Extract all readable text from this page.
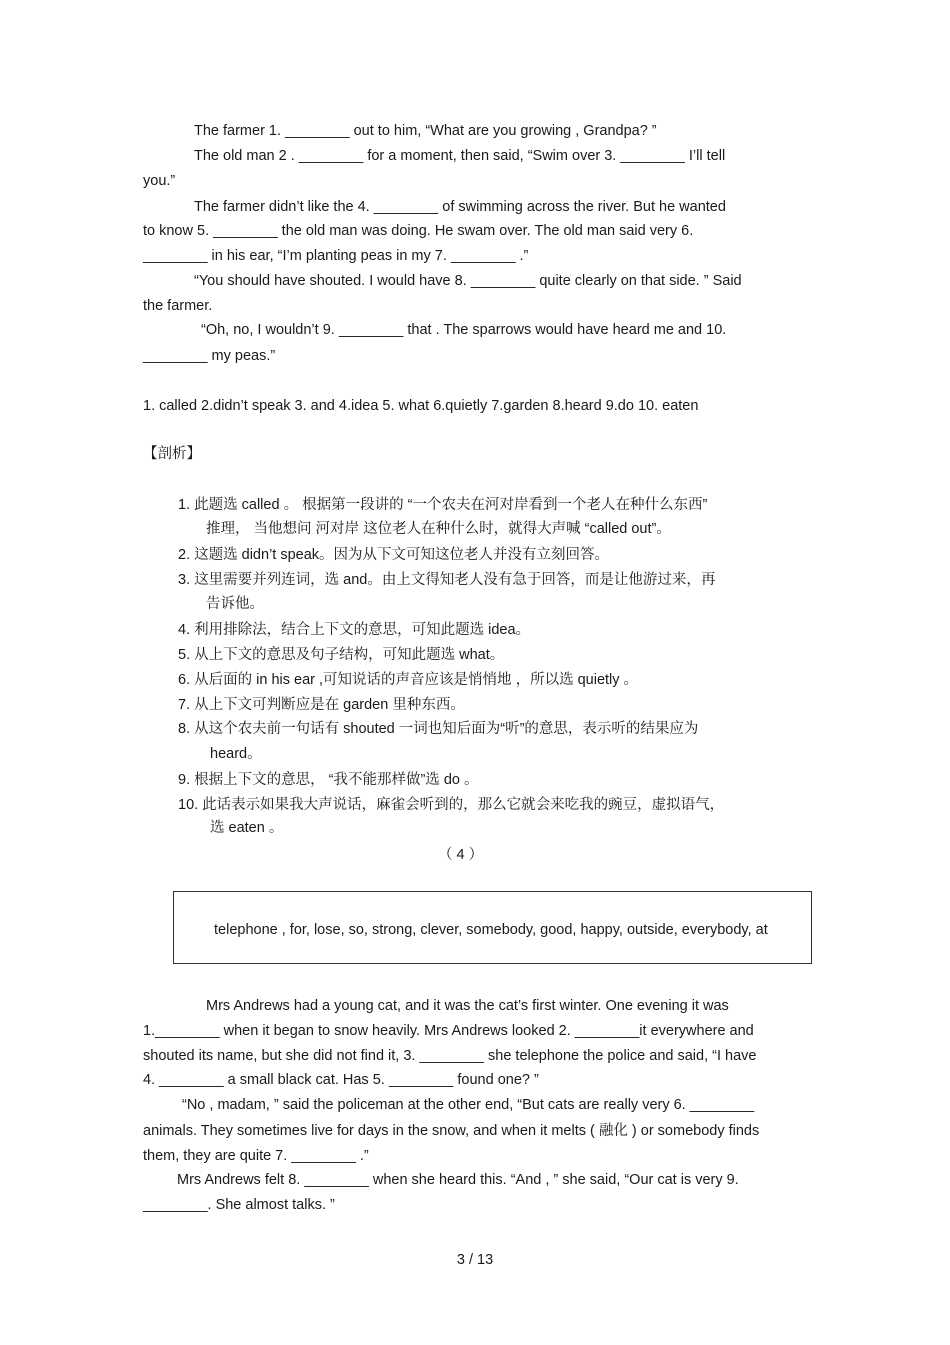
The farmer 1. ________ out to him, “What are you growing , Grandpa? ”
The old man 2 . ________ for a moment, then said, “Swim over 3. ________ I’ll tell
you.”
The farmer didn’t like the 4. ________ of swimming across the river. But he wanted
to know 5. ________ the old man was doing. He swam over. The old man said very 6.
________ in his ear, “I’m planting peas in my 7. ________ .”
“You should have shouted. I would have 8. ________ quite clearly on that side. ” Said
the farmer.
“Oh, no, I wouldn’t 9. ________ that . The sparrows would have heard me and 10.
________ my peas.”
1. called 2.didn’t speak 3. and 4.idea 5. what 6.quietly 7.garden 8.heard 9.do 10. eaten
【剖析】
1. 此题选 called 。 根据第一段讲的 “一个农夫在河对岸看到一个老人在种什么东西”
推理， 当他想问 河对岸 这位老人在种什么时，就得大声喊 “called out”。
2. 这题选 didn’t speak。因为从下文可知这位老人并没有立刻回答。
3. 这里需要并列连词，选 and。由上文得知老人没有急于回答，而是让他游过来，再
告诉他。
4. 利用排除法，结合上下文的意思，可知此题选 idea。
5. 从上下文的意思及句子结构，可知此题选 what。
6. 从后面的 in his ear ,可知说话的声音应该是悄悄地 ，所以选 quietly 。
7. 从上下文可判断应是在 garden 里种东西。
8. 从这个农夫前一句话有 shouted 一词也知后面为“听”的意思，表示听的结果应为
heard。
9. 根据上下文的意思， “我不能那样做”选 do 。
10. 此话表示如果我大声说话，麻雀会听到的，那么它就会来吃我的豌豆，虚拟语气，
选 eaten 。
（ 4 ）
telephone , for, lose, so, strong, clever, somebody, good, happy, outside, everybody, at
Mrs Andrews had a young cat, and it was the cat’s first winter. One evening it was
1.________ when it began to snow heavily. Mrs Andrews looked 2. ________it everywhere and
shouted its name, but she did not find it, 3. ________ she telephone the police and said, “I have
4. ________ a small black cat. Has 5. ________ found one? ”
“No , madam, ” said the policeman at the other end, “But cats are really very 6. ________
animals. They sometimes live for days in the snow, and when it melts ( 融化 ) or somebody finds
them, they are quite 7. ________ .”
Mrs Andrews felt 8. ________ when she heard this. “And , ” she said, “Our cat is very 9.
________. She almost talks. ”
3 / 13
